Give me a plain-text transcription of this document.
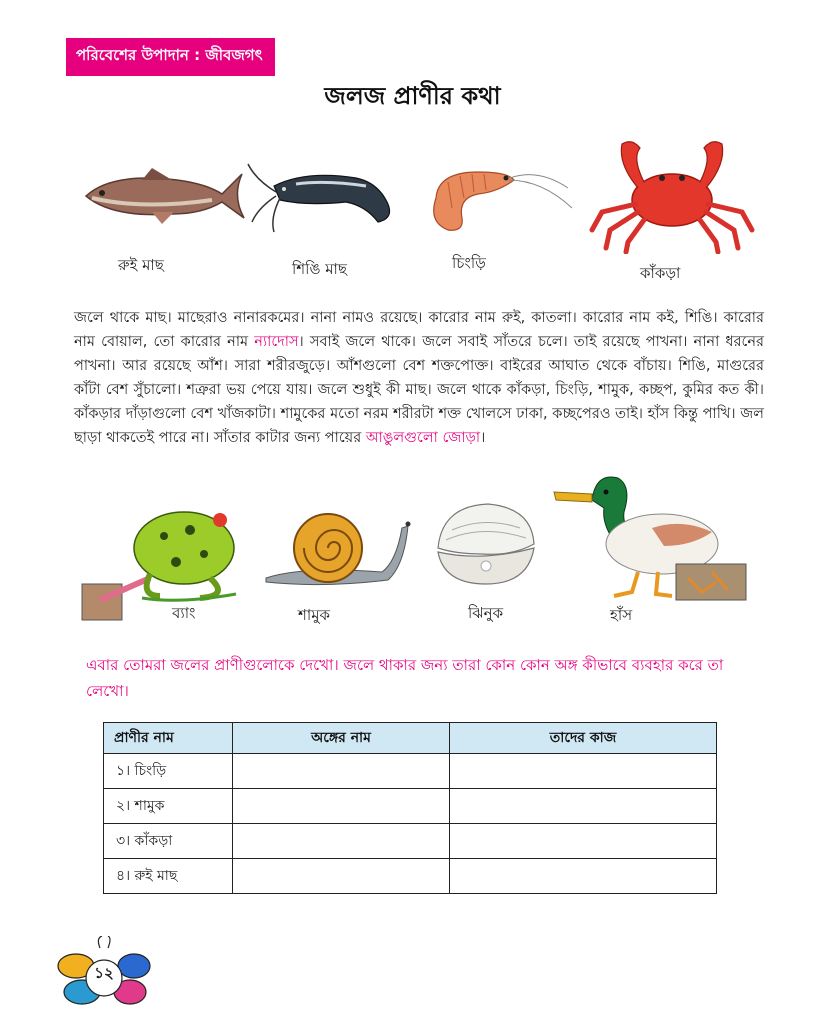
পরিবেশের উপাদান : জীবজগৎ
জলজ প্রাণীর কথা
রুই মাছ	শিঙি মাছ	চিংড়ি
কাঁকড়া
জলে থাকে মাছ। মাছেরাও নানারকমের। নানা নামও রয়েছে। কারোর নাম রুই, কাতলা। কারোর নাম কই, শিঙি। কারোর নাম বোয়াল, তো কারোর নাম ন্যাদোস। সবাই জলে থাকে। জলে সবাই সাঁতরে চলে। তাই রয়েছে পাখনা। নানা ধরনের পাখনা। আর রয়েছে আঁশ। সারা শরীরজুড়ে। আঁশগুলো বেশ শক্তপোক্ত। বাইরের আঘাত থেকে বাঁচায়। শিঙি, মাগুরের কাঁটা বেশ সুঁচালো। শত্রুরা ভয় পেয়ে যায়। জলে শুধুই কী মাছ। জলে থাকে কাঁকড়া, চিংড়ি, শামুক, কচ্ছপ, কুমির কত কী। কাঁকড়ার দাঁড়াগুলো বেশ খাঁজকাটা। শামুকের মতো নরম শরীরটা শক্ত খোলসে ঢাকা, কচ্ছপেরও তাই। হাঁস কিন্তু পাখি। জল ছাড়া থাকতেই পারে না। সাঁতার কাটার জন্য পায়ের আঙুলগুলো জোড়া।
ব্যাং	শামুক	ঝিনুক	হাঁস
এবার তোমরা জলের প্রাণীগুলোকে দেখো। জলে থাকার জন্য তারা কোন কোন অঙ্গ কীভাবে ব্যবহার করে তা লেখো।
প্রাণীর নাম	অঙ্গের নাম	তাদের কাজ
১। চিংড়ি		
২। শামুক		
৩। কাঁকড়া		
৪। রুই মাছ		
১২
